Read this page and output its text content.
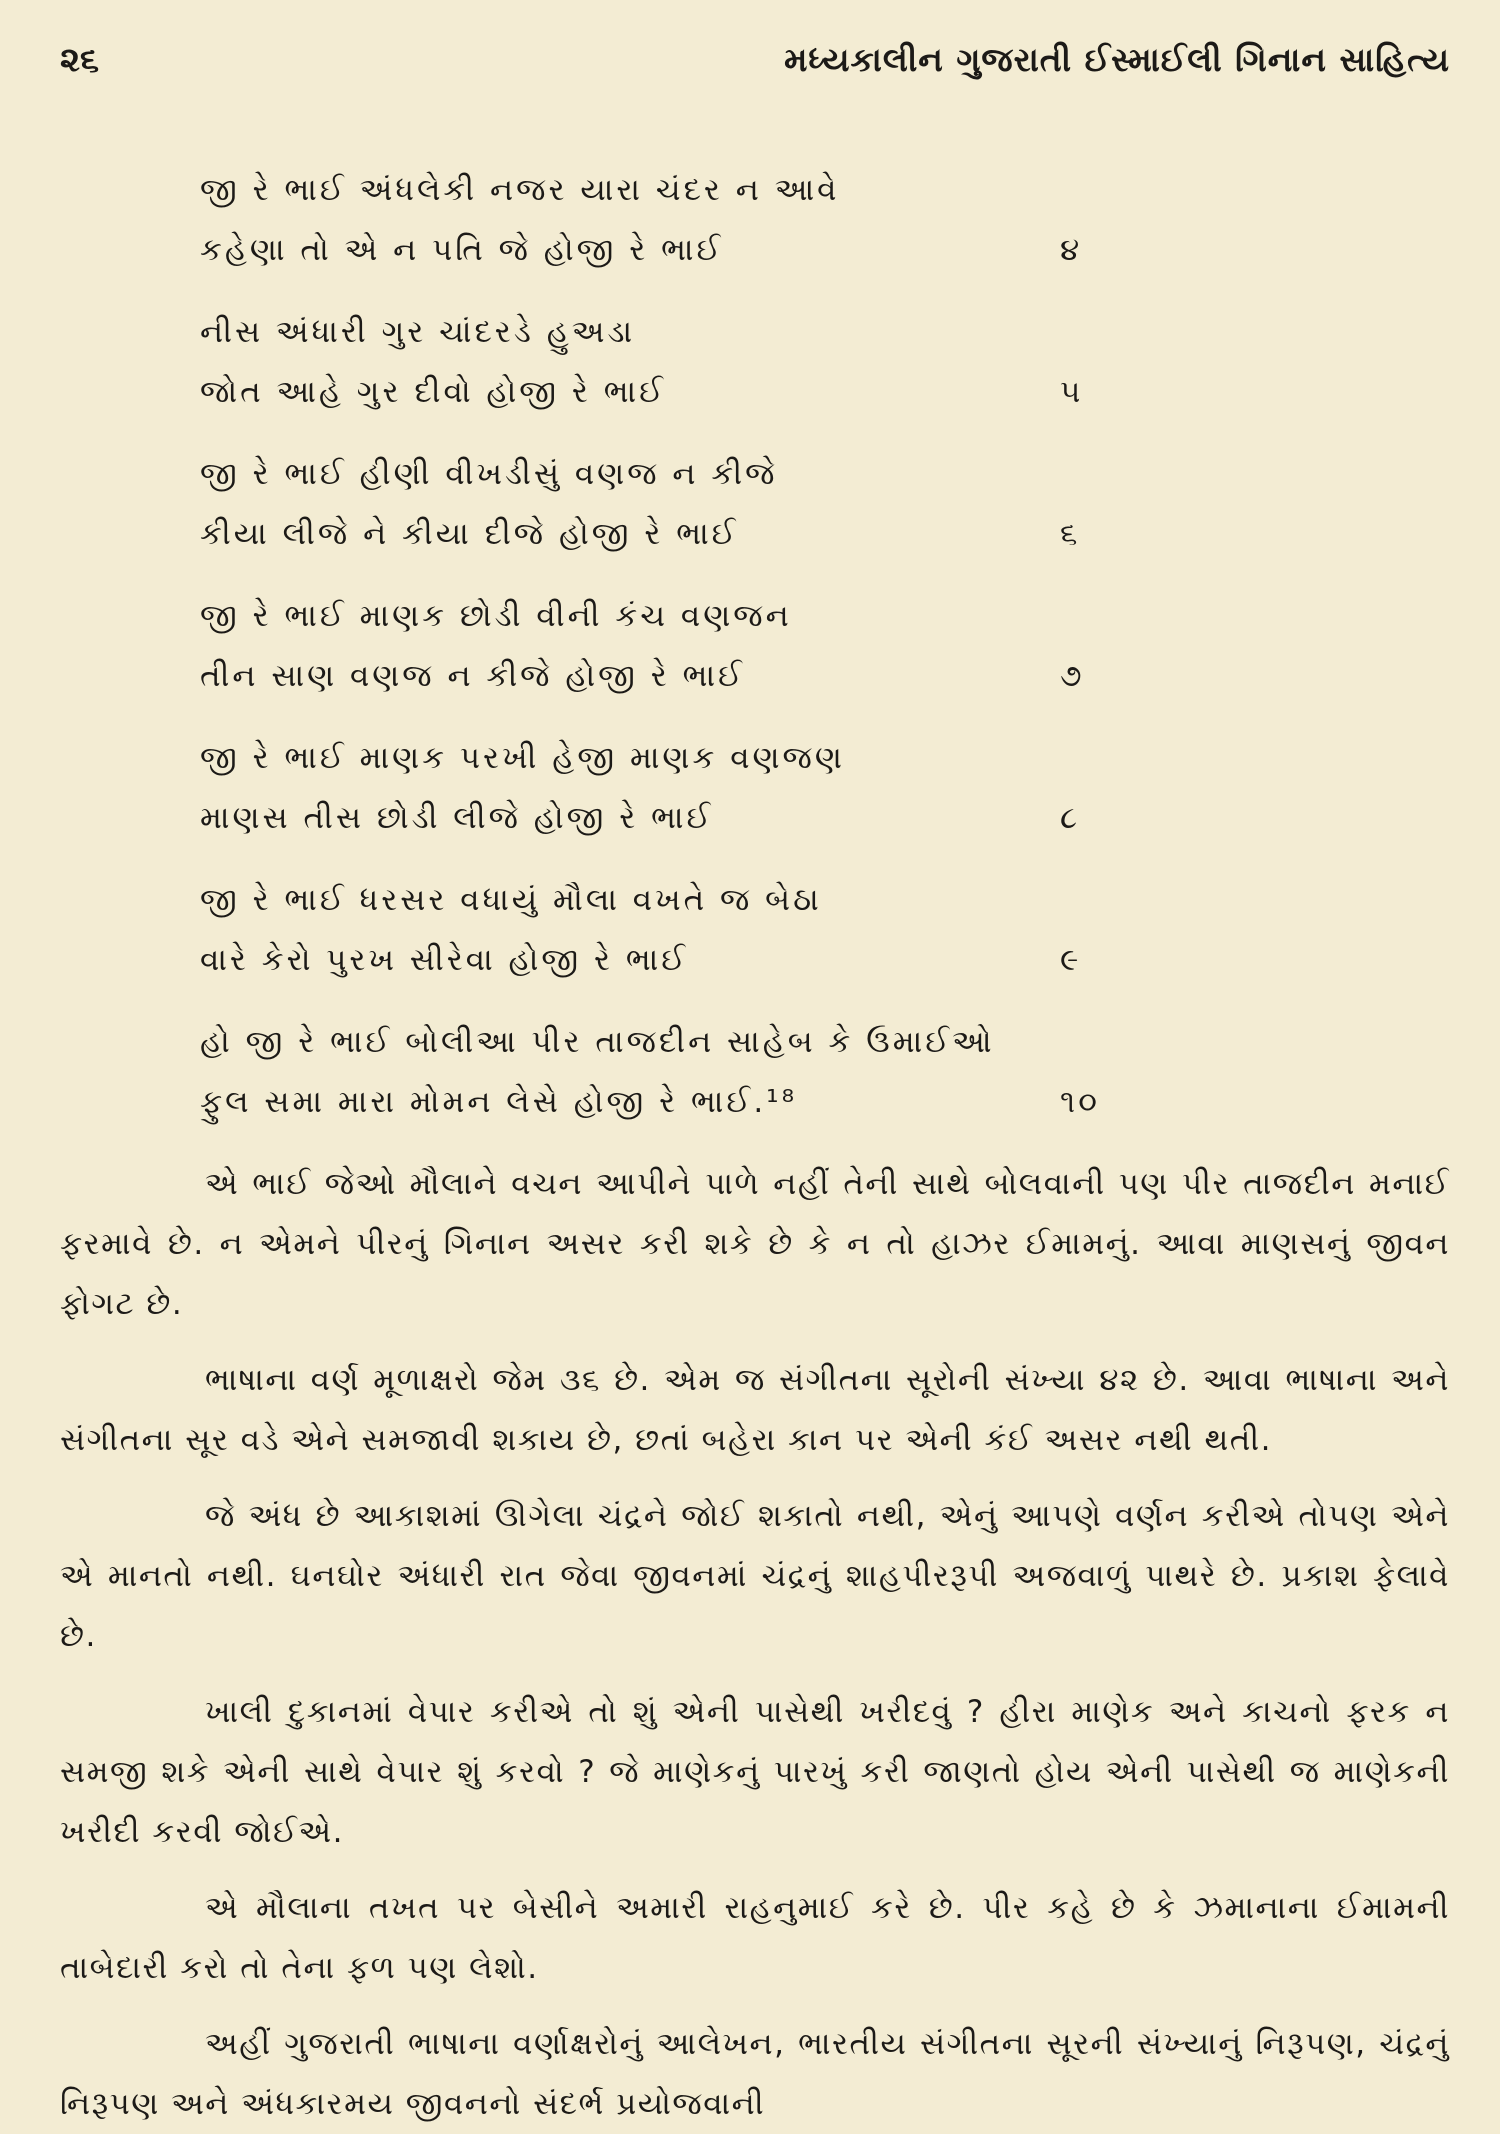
૨૬	મધ્યકાલીન ગુજરાતી ઈસ્માઈલી ગિનાન સાહિત્ય
જી રે ભાઈ અંધલેકી નજર યારા ચંદર ન આવે
કહેણા તો એ ન પતિ જે હોજી રે ભાઈ	૪
નીસ અંધારી ગુર ચાંદરડે હુઅડા
જોત આહે ગુર દીવો હોજી રે ભાઈ	૫
જી રે ભાઈ હીણી વીખડીસું વણજ ન કીજે
કીયા લીજે ને કીયા દીજે હોજી રે ભાઈ	૬
જી રે ભાઈ માણક છોડી વીની કંચ વણજન
તીન સાણ વણજ ન કીજે હોજી રે ભાઈ	૭
જી રે ભાઈ માણક પરખી હેજી માણક વણજણ
માણસ તીસ છોડી લીજે હોજી રે ભાઈ	૮
જી રે ભાઈ ધરસર વધાયું મૌલા વખતે જ બેઠા
વારે કેરો પુરખ સીરેવા હોજી રે ભાઈ	૯
હો જી રે ભાઈ બોલીઆ પીર તાજદીન સાહેબ કે ઉમાઈઓ
ફુલ સમા મારા મોમન લેસે હોજી રે ભાઈ.¹⁸	૧૦

એ ભાઈ જેઓ મૌલાને વચન આપીને પાળે નહીં તેની સાથે બોલવાની પણ પીર તાજદીન મનાઈ ફરમાવે છે. ન એમને પીરનું ગિનાન અસર કરી શકે છે કે ન તો હાઝર ઈમામનું. આવા માણસનું જીવન ફોગટ છે.

ભાષાના વર્ણ મૂળાક્ષરો જેમ ૩૬ છે. એમ જ સંગીતના સૂરોની સંખ્યા ૪૨ છે. આવા ભાષાના અને સંગીતના સૂર વડે એને સમજાવી શકાય છે, છતાં બહેરા કાન પર એની કંઈ અસર નથી થતી.

જે અંધ છે આકાશમાં ઊગેલા ચંદ્રને જોઈ શકાતો નથી, એનું આપણે વર્ણન કરીએ તોપણ એને એ માનતો નથી. ઘનઘોર અંધારી રાત જેવા જીવનમાં ચંદ્રનું શાહપીરરૂપી અજવાળું પાથરે છે. પ્રકાશ ફેલાવે છે.

ખાલી દુકાનમાં વેપાર કરીએ તો શું એની પાસેથી ખરીદવું ? હીરા માણેક અને કાચનો ફરક ન સમજી શકે એની સાથે વેપાર શું કરવો ? જે માણેકનું પારખું કરી જાણતો હોય એની પાસેથી જ માણેકની ખરીદી કરવી જોઈએ.

એ મૌલાના તખત પર બેસીને અમારી રાહનુમાઈ કરે છે. પીર કહે છે કે ઝમાનાના ઈમામની તાબેદારી કરો તો તેના ફળ પણ લેશો.

અહીં ગુજરાતી ભાષાના વર્ણાક્ષરોનું આલેખન, ભારતીય સંગીતના સૂરની સંખ્યાનું નિરૂપણ, ચંદ્રનું નિરૂપણ અને અંધકારમય જીવનનો સંદર્ભ પ્રયોજવાની
